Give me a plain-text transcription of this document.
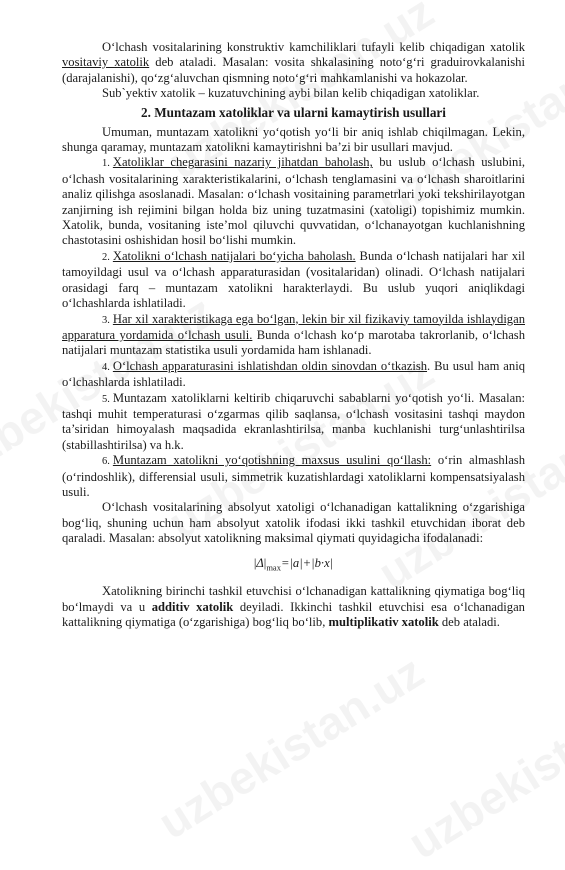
O‘lchash vositalarining konstruktiv kamchiliklari tufayli kelib chiqadigan xatolik vositaviy xatolik deb ataladi. Masalan: vosita shkalasining noto‘g‘ri graduirovkalanishi (darajalanishi), qo‘zg‘aluvchan qismning noto‘g‘ri mahkamlanishi va hokazolar.

Sub`yektiv xatolik – kuzatuvchining aybi bilan kelib chiqadigan xatoliklar.

2. Muntazam xatoliklar va ularni kamaytirish usullari

Umuman, muntazam xatolikni yo‘qotish yo‘li bir aniq ishlab chiqilmagan. Lekin, shunga qaramay, muntazam xatolikni kamaytirishni ba’zi bir usullari mavjud.

1. Xatoliklar chegarasini nazariy jihatdan baholash, bu uslub o‘lchash uslubini, o‘lchash vositalarining xarakteristikalarini, o‘lchash tenglamasini va o‘lchash sharoitlarini analiz qilishga asoslanadi. Masalan: o‘lchash vositaining parametrlari yoki tekshirilayotgan zanjirning ish rejimini bilgan holda biz uning tuzatmasini (xatoligi) topishimiz mumkin. Xatolik, bunda, vositaning iste’mol qiluvchi quvvatidan, o‘lchanayotgan kuchlanishning chastotasini oshishidan hosil bo‘lishi mumkin.

2. Xatolikni o‘lchash natijalari bo‘yicha baholash. Bunda o‘lchash natijalari har xil tamoyildagi usul va o‘lchash apparaturasidan (vositalaridan) olinadi. O‘lchash natijalari orasidagi farq – muntazam xatolikni harakterlaydi. Bu uslub yuqori aniqlikdagi o‘lchashlarda ishlatiladi.

3. Har xil xarakteristikaga ega bo‘lgan, lekin bir xil fizikaviy tamoyilda ishlaydigan apparatura yordamida o‘lchash usuli. Bunda o‘lchash ko‘p marotaba takrorlanib, o‘lchash natijalari muntazam statistika usuli yordamida ham ishlanadi.

4. O‘lchash apparaturasini ishlatishdan oldin sinovdan o‘tkazish. Bu usul ham aniq o‘lchashlarda ishlatiladi.

5. Muntazam xatoliklarni keltirib chiqaruvchi sabablarni yo‘qotish yo‘li. Masalan: tashqi muhit temperaturasi o‘zgarmas qilib saqlansa, o‘lchash vositasini tashqi maydon ta’siridan himoyalash maqsadida ekranlashtirilsa, manba kuchlanishi turg‘unlashtirilsa (stabillashtirilsa) va h.k.

6. Muntazam xatolikni yo‘qotishning maxsus usulini qo‘llash: o‘rin almashlash (o‘rindoshlik), differensial usuli, simmetrik kuzatishlardagi xatoliklarni kompensatsiyalash usuli.

O‘lchash vositalarining absolyut xatoligi o‘lchanadigan kattalikning o‘zgarishiga bog‘liq, shuning uchun ham absolyut xatolik ifodasi ikki tashkil etuvchidan iborat deb qaraladi. Masalan: absolyut xatolikning maksimal qiymati quyidagicha ifodalanadi:

$|\Delta|_{max}=|a|+|b\cdot x|$

Xatolikning birinchi tashkil etuvchisi o‘lchanadigan kattalikning qiymatiga bog‘liq bo‘lmaydi va u additiv xatolik deyiladi. Ikkinchi tashkil etuvchisi esa o‘lchanadigan kattalikning qiymatiga (o‘zgarishiga) bog‘liq bo‘lib, multiplikativ xatolik deb ataladi.
